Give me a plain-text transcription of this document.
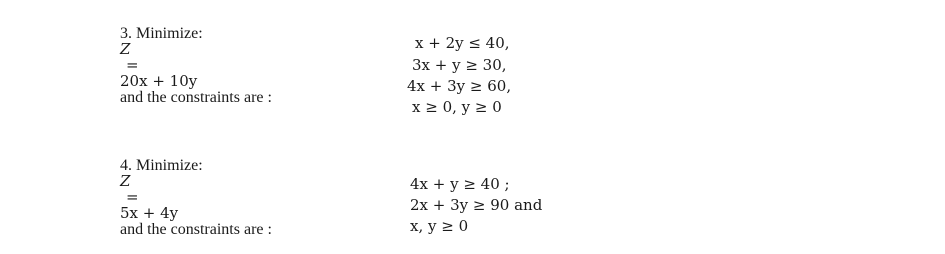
3. Minimize:
Z
=
20x + 10y
and the constraints are :

x + 2y ≤ 40,
3x + y ≥ 30,
4x + 3y ≥ 60,
x ≥ 0, y ≥ 0

4. Minimize:
Z
=
5x + 4y
and the constraints are :

4x + y ≥ 40 ;
2x + 3y ≥ 90 and
x, y ≥ 0
